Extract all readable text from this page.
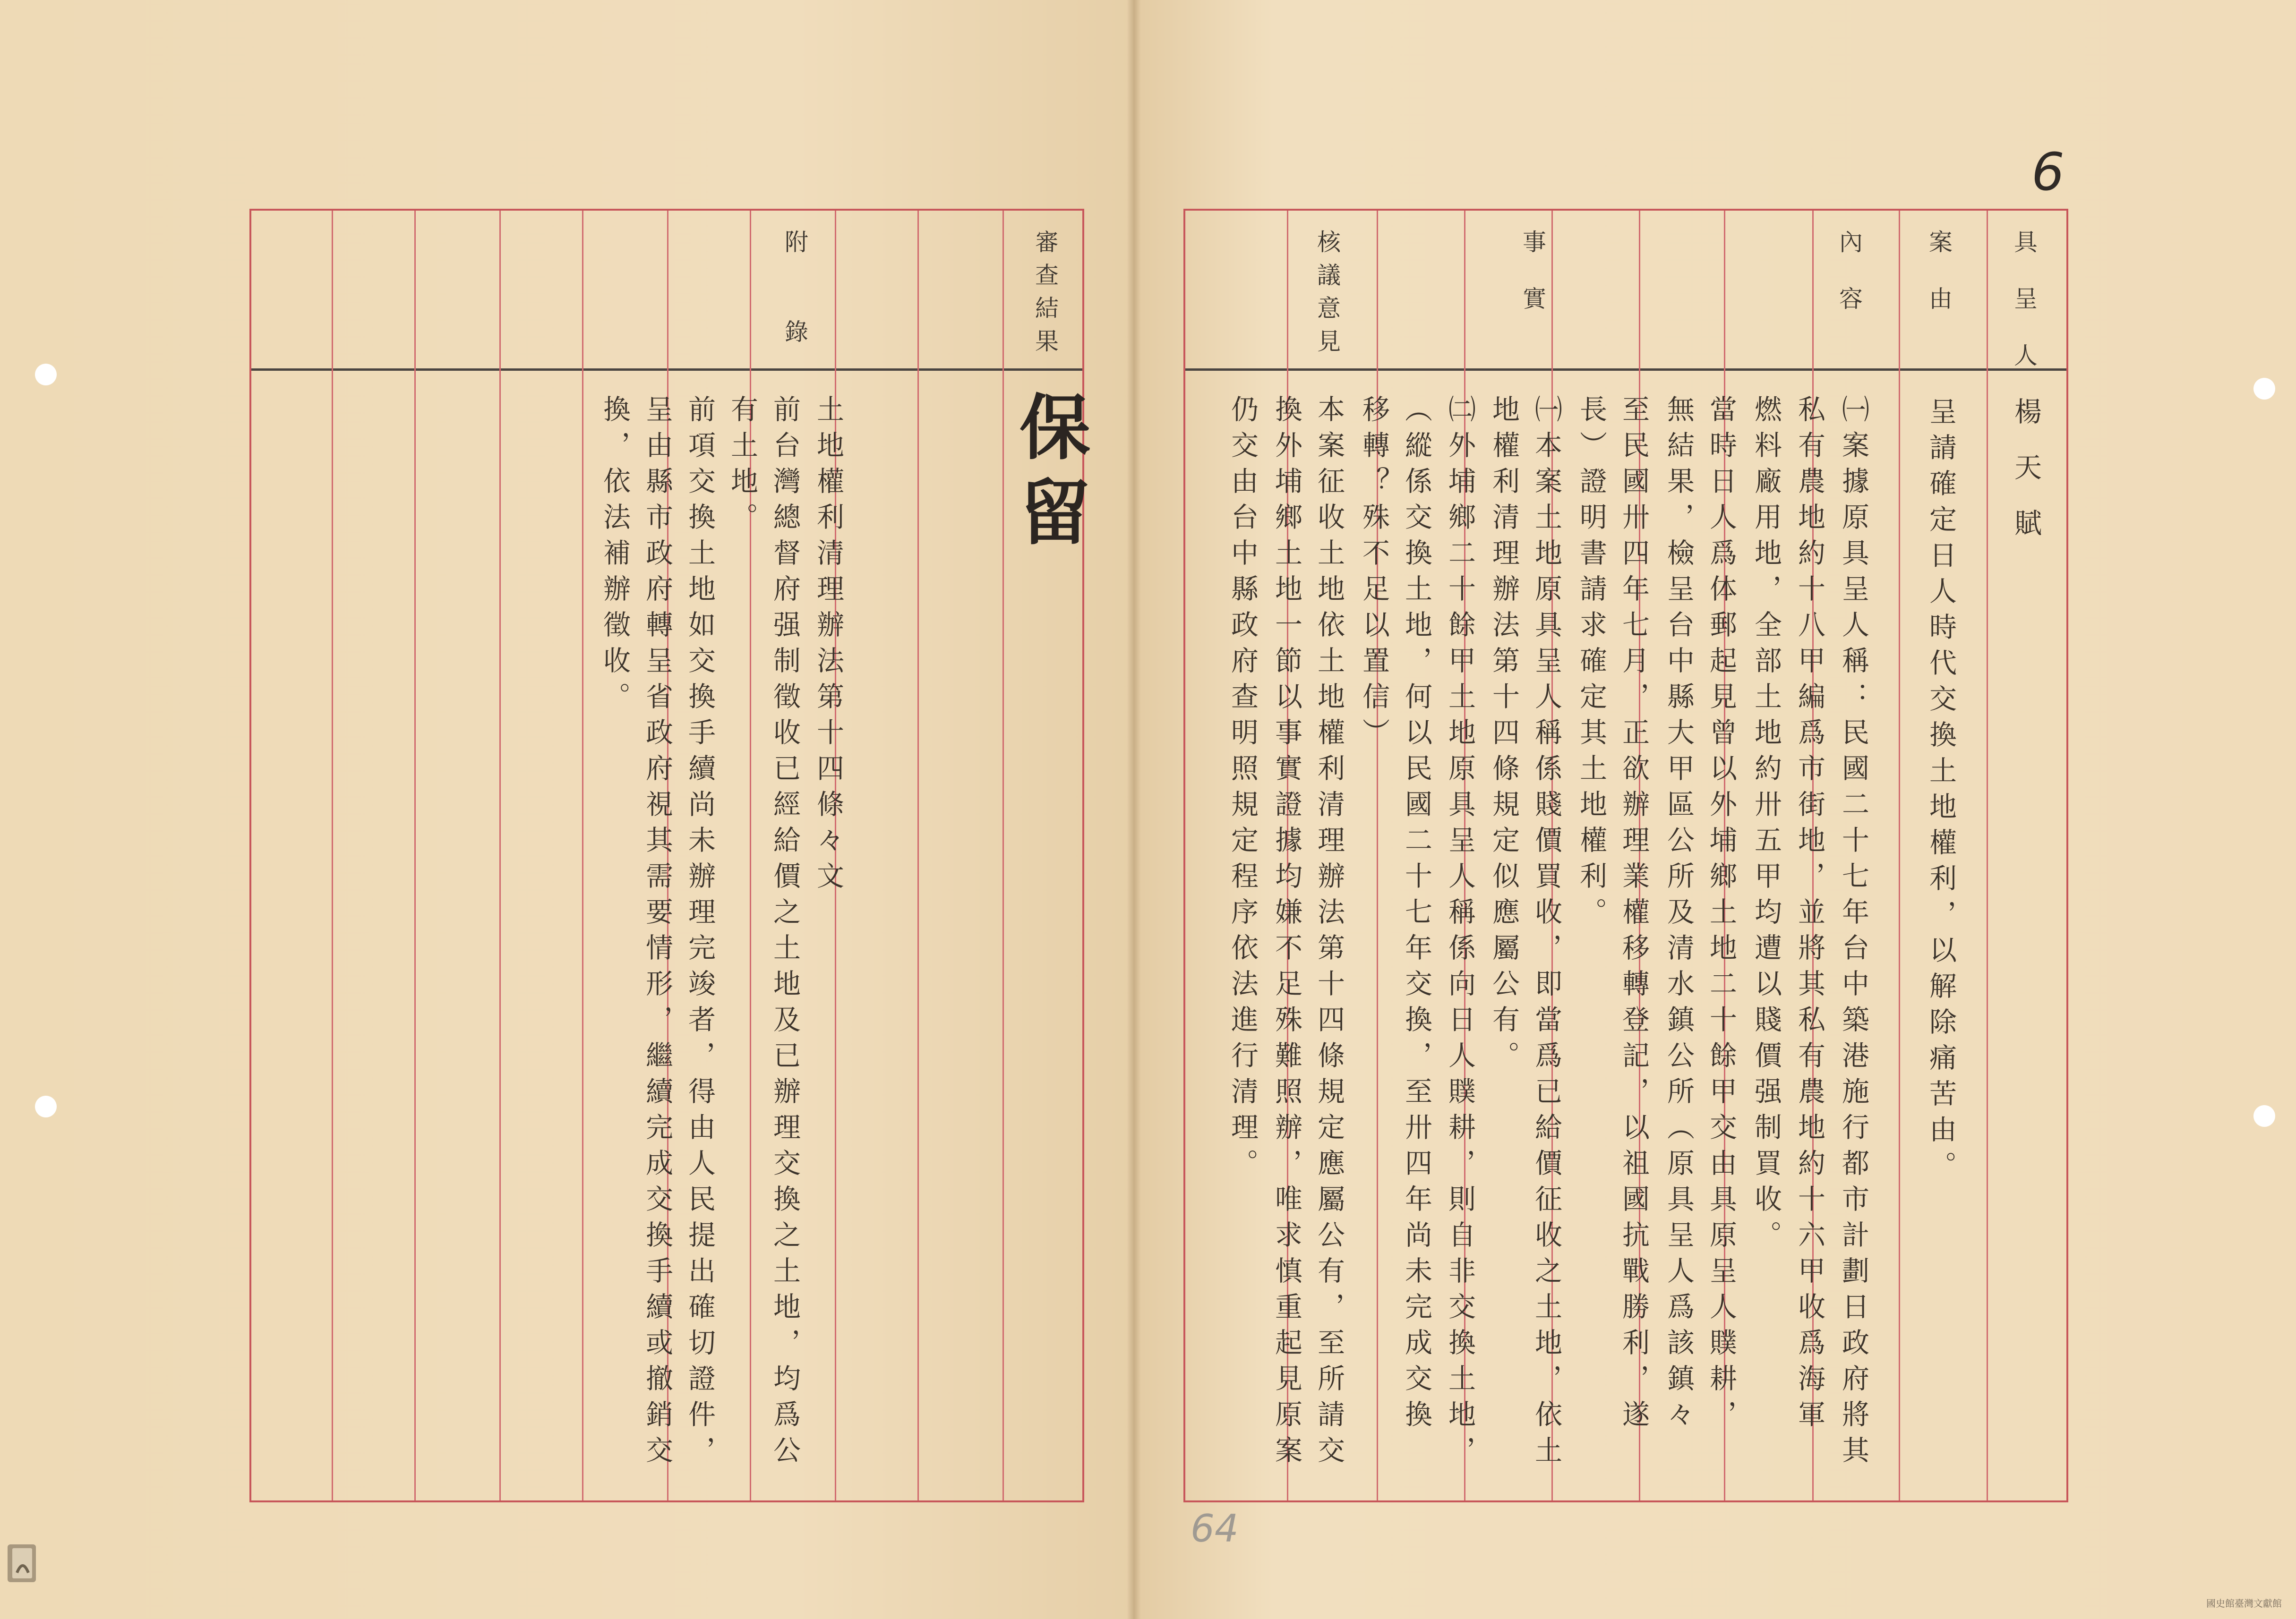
6
64
具呈人
案由
內容
事實
核議意見
楊天賦
呈請確定日人時代交換土地權利，以解除痛苦由。
㈠案據原具呈人稱：民國二十七年台中築港施行都市計劃日政府將其
私有農地約十八甲編爲市街地，並將其私有農地約十六甲收爲海軍
燃料廠用地，全部土地約卅五甲均遭以賤價强制買收。
當時日人爲体郵起見曾以外埔鄉土地二十餘甲交由具原呈人贌耕，
無結果，檢呈台中縣大甲區公所及清水鎮公所（原具呈人爲該鎮々
至民國卅四年七月，正欲辦理業權移轉登記，以祖國抗戰勝利，遂
長）證明書請求確定其土地權利。
㈠本案土地原具呈人稱係賤價買收，即當爲已給價征收之土地，依土
地權利清理辦法第十四條規定似應屬公有。
㈡外埔鄉二十餘甲土地原具呈人稱係向日人贌耕，則自非交換土地，
（縱係交換土地，何以民國二十七年交換，至卅四年尚未完成交換
移轉？殊不足以置信）
本案征收土地依土地權利清理辦法第十四條規定應屬公有，至所請交
換外埔鄉土地一節以事實證據均嫌不足殊難照辦，唯求慎重起見原案
仍交由台中縣政府查明照規定程序依法進行清理。
審查結果
附錄
保留
土地權利清理辦法第十四條々文
前台灣總督府强制徵收已經給價之土地及已辦理交換之土地，均爲公
有土地。
前項交換土地如交換手續尚未辦理完竣者，得由人民提出確切證件，
呈由縣市政府轉呈省政府視其需要情形，繼續完成交換手續或撤銷交
換，依法補辦徵收。
國史館臺灣文獻館
